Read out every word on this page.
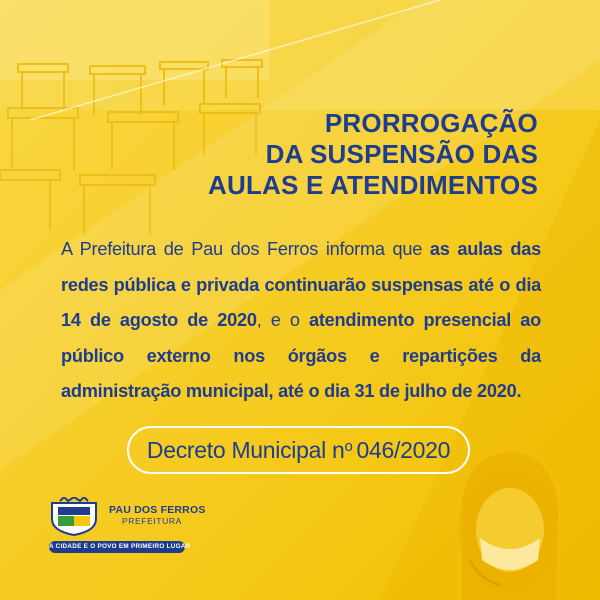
PRORROGAÇÃO
DA SUSPENSÃO DAS
AULAS E ATENDIMENTOS
A Prefeitura de Pau dos Ferros informa que as aulas das redes pública e privada continuarão suspensas até o dia 14 de agosto de 2020, e o atendimento presencial ao público externo nos órgãos e repartições da administração municipal, até o dia 31 de julho de 2020.
Decreto Municipal $n^o$ 046/2020
PAU DOS FERROS
PREFEITURA
A CIDADE E O POVO EM PRIMEIRO LUGAR
